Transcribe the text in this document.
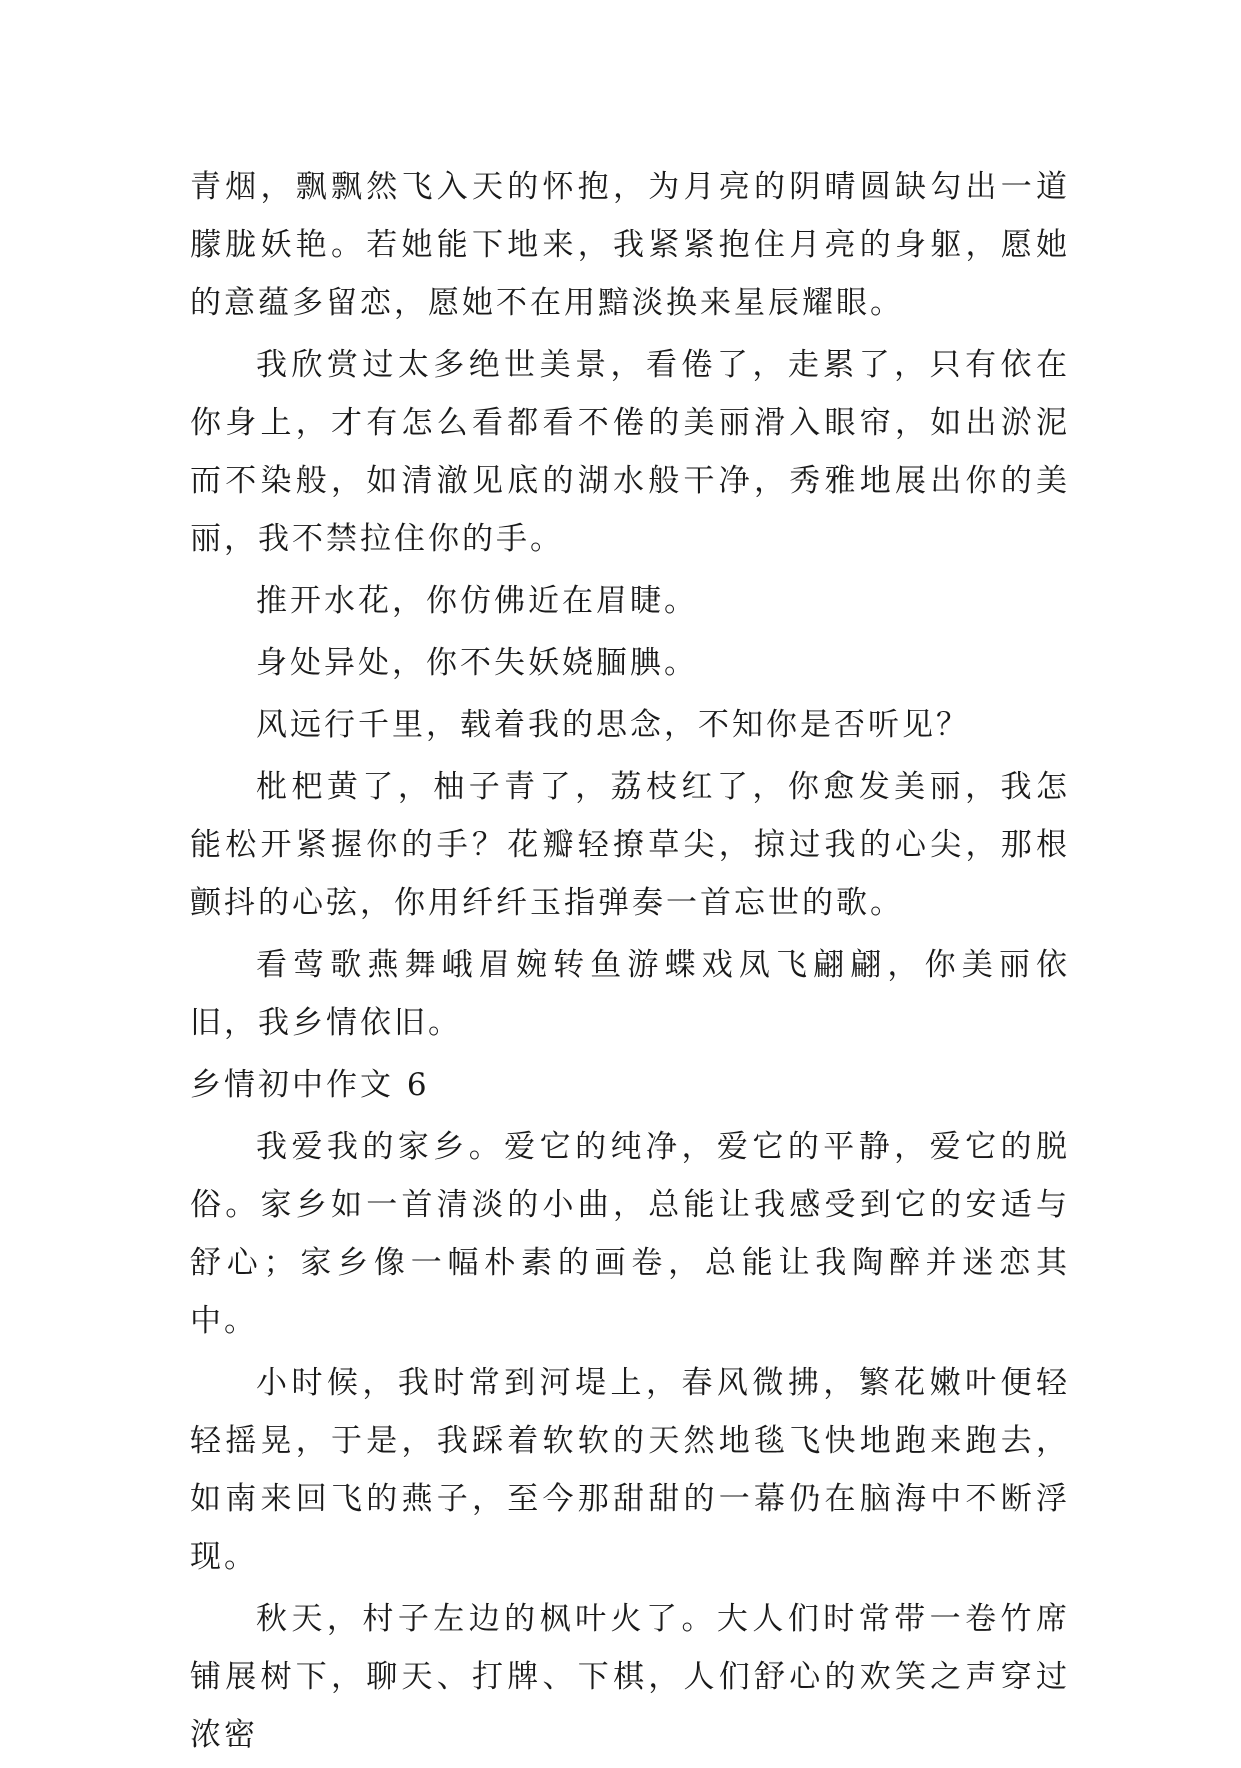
青烟，飘飘然飞入天的怀抱，为月亮的阴晴圆缺勾出一道朦胧妖艳。若她能下地来，我紧紧抱住月亮的身躯，愿她的意蕴多留恋，愿她不在用黯淡换来星辰耀眼。

我欣赏过太多绝世美景，看倦了，走累了，只有依在你身上，才有怎么看都看不倦的美丽滑入眼帘，如出淤泥而不染般，如清澈见底的湖水般干净，秀雅地展出你的美丽，我不禁拉住你的手。

推开水花，你仿佛近在眉睫。

身处异处，你不失妖娆腼腆。

风远行千里，载着我的思念，不知你是否听见？

枇杷黄了，柚子青了，荔枝红了，你愈发美丽，我怎能松开紧握你的手？花瓣轻撩草尖，掠过我的心尖，那根颤抖的心弦，你用纤纤玉指弹奏一首忘世的歌。

看莺歌燕舞峨眉婉转鱼游蝶戏凤飞翩翩，你美丽依旧，我乡情依旧。

乡情初中作文 6

我爱我的家乡。爱它的纯净，爱它的平静，爱它的脱俗。家乡如一首清淡的小曲，总能让我感受到它的安适与舒心；家乡像一幅朴素的画卷，总能让我陶醉并迷恋其中。

小时候，我时常到河堤上，春风微拂，繁花嫩叶便轻轻摇晃，于是，我踩着软软的天然地毯飞快地跑来跑去，如南来回飞的燕子，至今那甜甜的一幕仍在脑海中不断浮现。

秋天，村子左边的枫叶火了。大人们时常带一卷竹席铺展树下，聊天、打牌、下棋，人们舒心的欢笑之声穿过浓密
